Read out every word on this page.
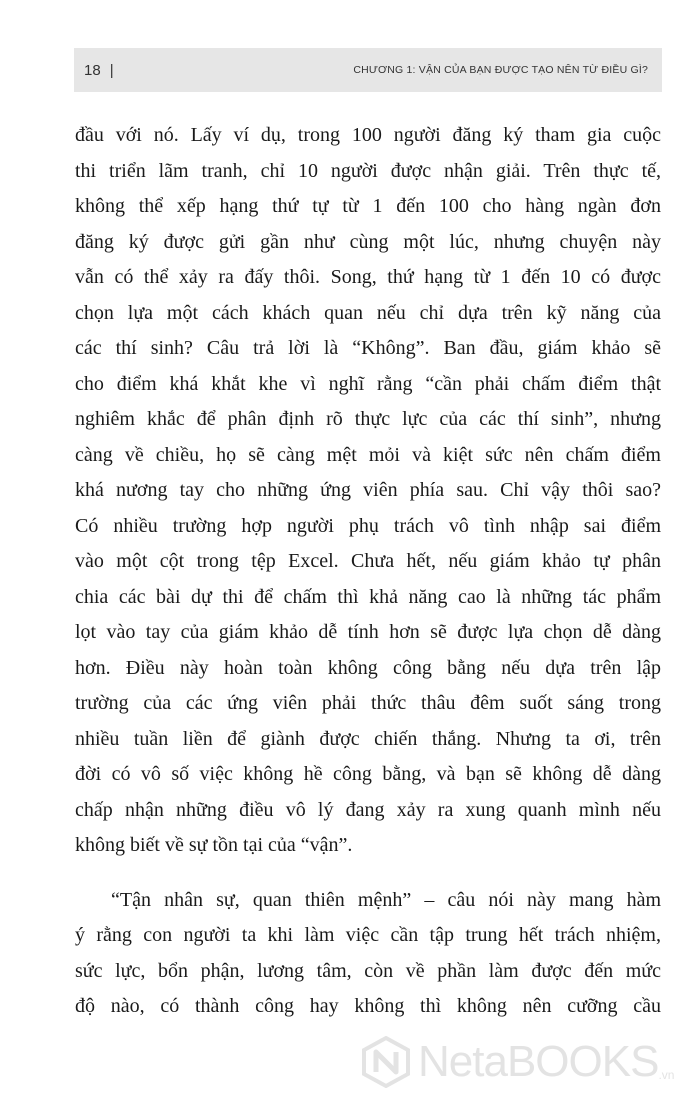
18 |	CHƯƠNG 1: VẬN CỦA BẠN ĐƯỢC TẠO NÊN TỪ ĐIỀU GÌ?

đầu với nó. Lấy ví dụ, trong 100 người đăng ký tham gia cuộc

thi triển lãm tranh, chỉ 10 người được nhận giải. Trên thực tế,

không thể xếp hạng thứ tự từ 1 đến 100 cho hàng ngàn đơn

đăng ký được gửi gần như cùng một lúc, nhưng chuyện này

vẫn có thể xảy ra đấy thôi. Song, thứ hạng từ 1 đến 10 có được

chọn lựa một cách khách quan nếu chỉ dựa trên kỹ năng của

các thí sinh? Câu trả lời là “Không”. Ban đầu, giám khảo sẽ

cho điểm khá khắt khe vì nghĩ rằng “cần phải chấm điểm thật

nghiêm khắc để phân định rõ thực lực của các thí sinh”, nhưng

càng về chiều, họ sẽ càng mệt mỏi và kiệt sức nên chấm điểm

khá nương tay cho những ứng viên phía sau. Chỉ vậy thôi sao?

Có nhiều trường hợp người phụ trách vô tình nhập sai điểm

vào một cột trong tệp Excel. Chưa hết, nếu giám khảo tự phân

chia các bài dự thi để chấm thì khả năng cao là những tác phẩm

lọt vào tay của giám khảo dễ tính hơn sẽ được lựa chọn dễ dàng

hơn. Điều này hoàn toàn không công bằng nếu dựa trên lập

trường của các ứng viên phải thức thâu đêm suốt sáng trong

nhiều tuần liền để giành được chiến thắng. Nhưng ta ơi, trên

đời có vô số việc không hề công bằng, và bạn sẽ không dễ dàng

chấp nhận những điều vô lý đang xảy ra xung quanh mình nếu

không biết về sự tồn tại của “vận”.

“Tận nhân sự, quan thiên mệnh” – câu nói này mang hàm

ý rằng con người ta khi làm việc cần tập trung hết trách nhiệm,

sức lực, bổn phận, lương tâm, còn về phần làm được đến mức

độ nào, có thành công hay không thì không nên cưỡng cầu

NetaBOOKS .vn
